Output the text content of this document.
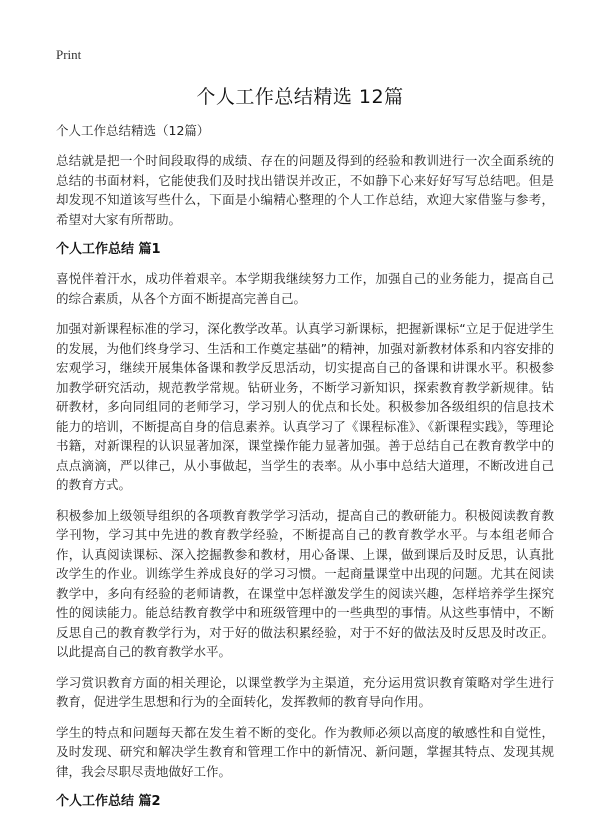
Print
个人工作总结精选 12篇

个人工作总结精选（12篇）

总结就是把一个时间段取得的成绩、存在的问题及得到的经验和教训进行一次全面系统的总结的书面材料，它能使我们及时找出错误并改正，不如静下心来好好写写总结吧。但是却发现不知道该写些什么，下面是小编精心整理的个人工作总结，欢迎大家借鉴与参考，希望对大家有所帮助。

个人工作总结 篇1

喜悦伴着汗水，成功伴着艰辛。本学期我继续努力工作，加强自己的业务能力，提高自己的综合素质，从各个方面不断提高完善自己。

加强对新课程标准的学习，深化教学改革。认真学习新课标，把握新课标“立足于促进学生的发展，为他们终身学习、生活和工作奠定基础”的精神，加强对新教材体系和内容安排的宏观学习，继续开展集体备课和教学反思活动，切实提高自己的备课和讲课水平。积极参加教学研究活动，规范教学常规。钻研业务，不断学习新知识，探索教育教学新规律。钻研教材，多向同组同的老师学习，学习别人的优点和长处。积极参加各级组织的信息技术能力的培训，不断提高自身的信息素养。认真学习了《课程标准》、《新课程实践》，等理论书籍，对新课程的认识显著加深，课堂操作能力显著加强。善于总结自己在教育教学中的点点滴滴，严以律己，从小事做起，当学生的表率。从小事中总结大道理，不断改进自己的教育方式。

积极参加上级领导组织的各项教育教学学习活动，提高自己的教研能力。积极阅读教育教学刊物，学习其中先进的教育教学经验，不断提高自己的教育教学水平。与本组老师合作，认真阅读课标、深入挖掘教参和教材，用心备课、上课，做到课后及时反思，认真批改学生的作业。训练学生养成良好的学习习惯。一起商量课堂中出现的问题。尤其在阅读教学中，多向有经验的老师请教，在课堂中怎样激发学生的阅读兴趣，怎样培养学生探究性的阅读能力。能总结教育教学中和班级管理中的一些典型的事情。从这些事情中，不断反思自己的教育教学行为，对于好的做法积累经验，对于不好的做法及时反思及时改正。以此提高自己的教育教学水平。

学习赏识教育方面的相关理论，以课堂教学为主渠道，充分运用赏识教育策略对学生进行教育，促进学生思想和行为的全面转化，发挥教师的教育导向作用。

学生的特点和问题每天都在发生着不断的变化。作为教师必须以高度的敏感性和自觉性，及时发现、研究和解决学生教育和管理工作中的新情况、新问题，掌握其特点、发现其规律，我会尽职尽责地做好工作。

个人工作总结 篇2
